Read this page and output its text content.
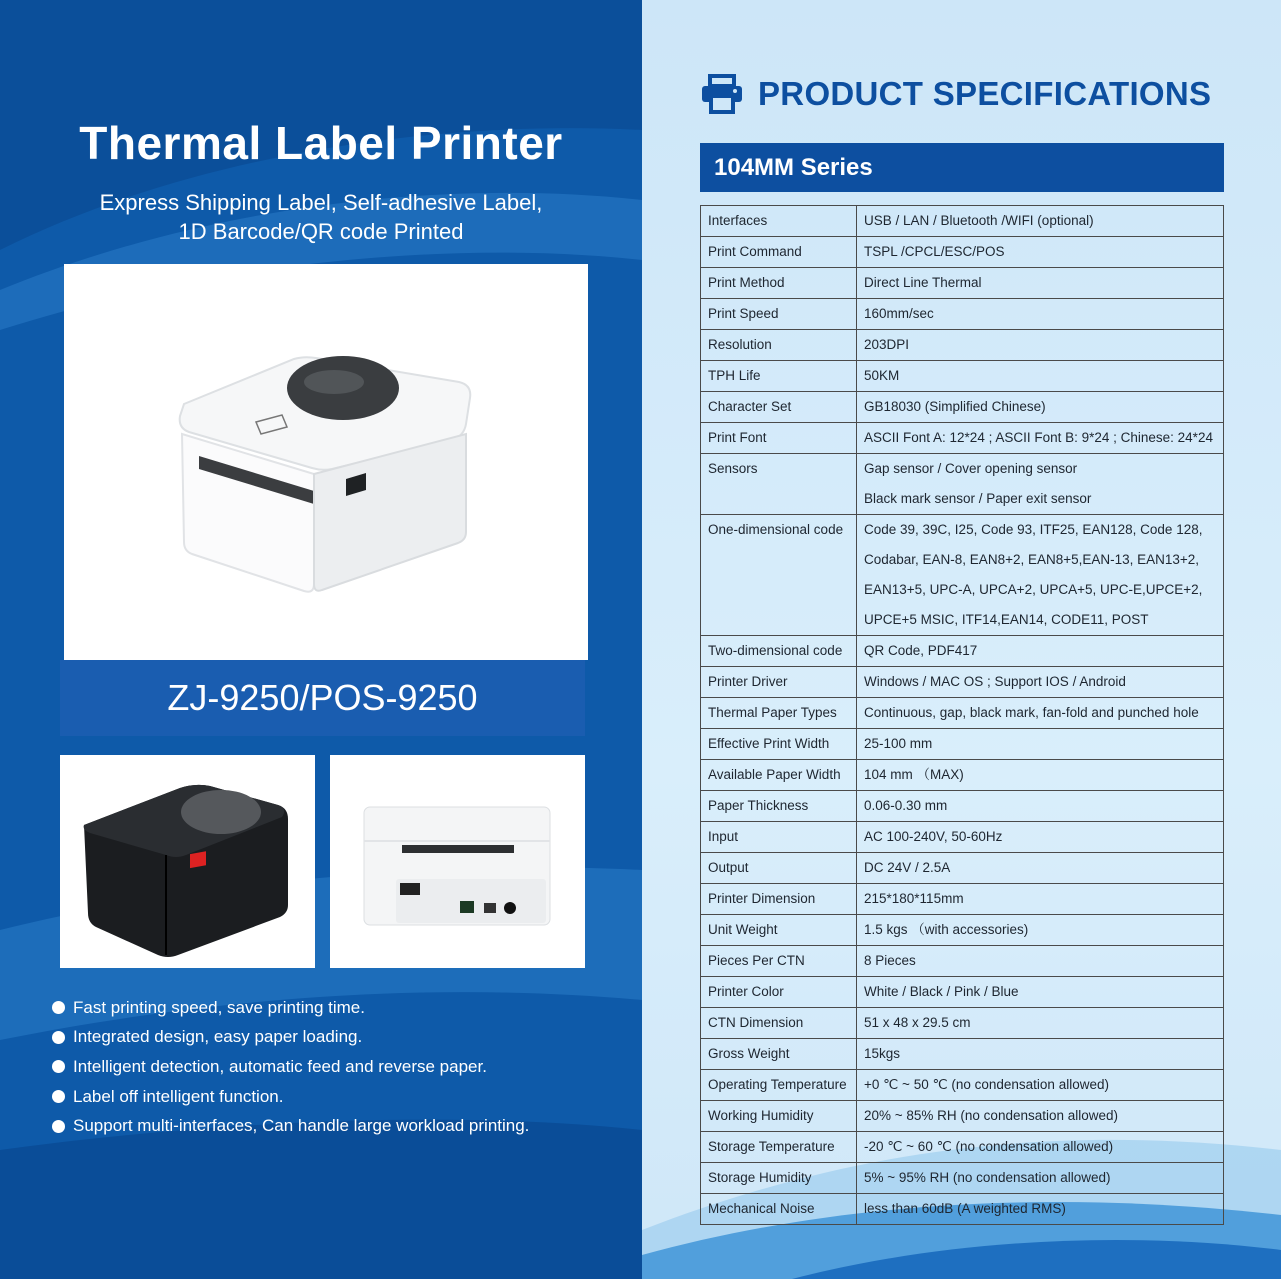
Thermal Label Printer
Express Shipping Label, Self-adhesive Label,
1D Barcode/QR code Printed
ZJ-9250/POS-9250
Fast printing speed, save printing time.
Integrated design, easy paper loading.
Intelligent detection, automatic feed and reverse paper.
Label off intelligent function.
Support multi-interfaces, Can handle large workload printing.
PRODUCT SPECIFICATIONS
104MM Series
Interfaces	USB / LAN / Bluetooth /WIFI (optional)

Print Command	TSPL /CPCL/ESC/POS

Print Method	Direct Line Thermal

Print Speed	160mm/sec

Resolution	203DPI

TPH Life	50KM

Character Set	GB18030 (Simplified Chinese)

Print Font	ASCII Font A: 12*24 ; ASCII Font B: 9*24 ; Chinese: 24*24

Sensors	Gap sensor / Cover opening sensor
Black mark sensor / Paper exit sensor

One-dimensional code	Code 39, 39C, I25, Code 93, ITF25, EAN128, Code 128,
Codabar, EAN-8, EAN8+2, EAN8+5,EAN-13, EAN13+2,
EAN13+5, UPC-A, UPCA+2, UPCA+5, UPC-E,UPCE+2,
UPCE+5 MSIC, ITF14,EAN14, CODE11, POST

Two-dimensional code	QR Code, PDF417

Printer Driver	Windows / MAC OS ; Support IOS / Android

Thermal Paper Types	Continuous, gap, black mark, fan-fold and punched hole

Effective Print Width	25-100 mm

Available Paper Width	104 mm （MAX)

Paper Thickness	0.06-0.30 mm

Input	AC 100-240V, 50-60Hz

Output	DC 24V / 2.5A

Printer Dimension	215*180*115mm

Unit Weight	1.5 kgs （with accessories)

Pieces Per CTN	8 Pieces

Printer Color	White / Black / Pink / Blue

CTN Dimension	51 x 48 x 29.5 cm

Gross Weight	15kgs

Operating Temperature	+0 ℃ ~ 50 ℃ (no condensation allowed)

Working Humidity	20% ~ 85% RH (no condensation allowed)

Storage Temperature	-20 ℃ ~ 60 ℃ (no condensation allowed)

Storage Humidity	5% ~ 95% RH (no condensation allowed)

Mechanical Noise	less than 60dB (A weighted RMS)
